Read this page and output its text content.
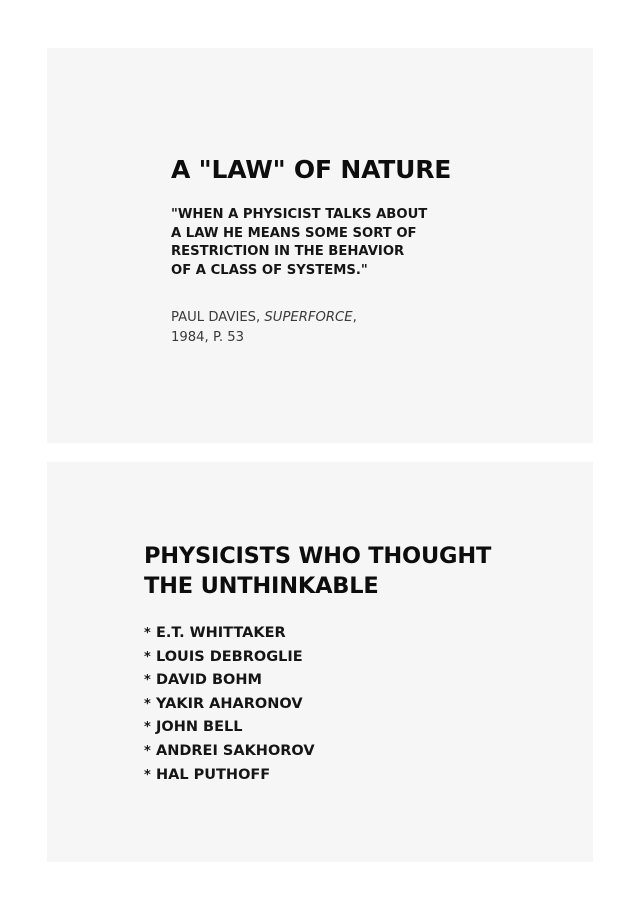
A "LAW" OF NATURE

"WHEN A PHYSICIST TALKS ABOUT
A LAW HE MEANS SOME SORT OF
RESTRICTION IN THE BEHAVIOR
OF A CLASS OF SYSTEMS."

PAUL DAVIES, SUPERFORCE,
1984, P. 53

PHYSICISTS WHO THOUGHT
THE UNTHINKABLE
* E.T. WHITTAKER
* LOUIS DEBROGLIE
* DAVID BOHM
* YAKIR AHARONOV
* JOHN BELL
* ANDREI SAKHOROV
* HAL PUTHOFF
